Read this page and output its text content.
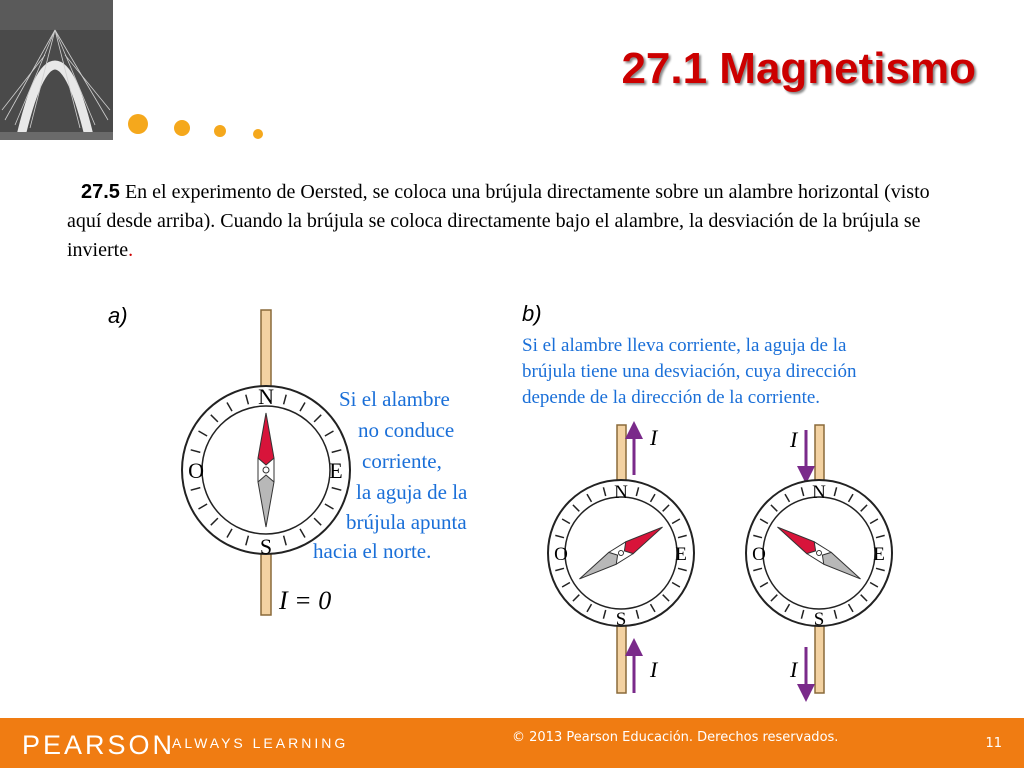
27.1 Magnetismo
27.5 En el experimento de Oersted, se coloca una brújula directamente sobre un alambre horizontal (visto aquí desde arriba). Cuando la brújula se coloca directamente bajo el alambre, la desviación de la brújula se invierte.
a)
N
S
O	E
Si el alambre
no conduce
corriente,
la aguja de la
brújula apunta
hacia el norte.
I = 0
b)
Si el alambre lleva corriente, la aguja de la
brújula tiene una desviación, cuya dirección
depende de la dirección de la corriente.
I
I
N
S
O	E
I
I
N
S
O	E
PEARSON
ALWAYS LEARNING	© 2013 Pearson Educación. Derechos reservados.	11
